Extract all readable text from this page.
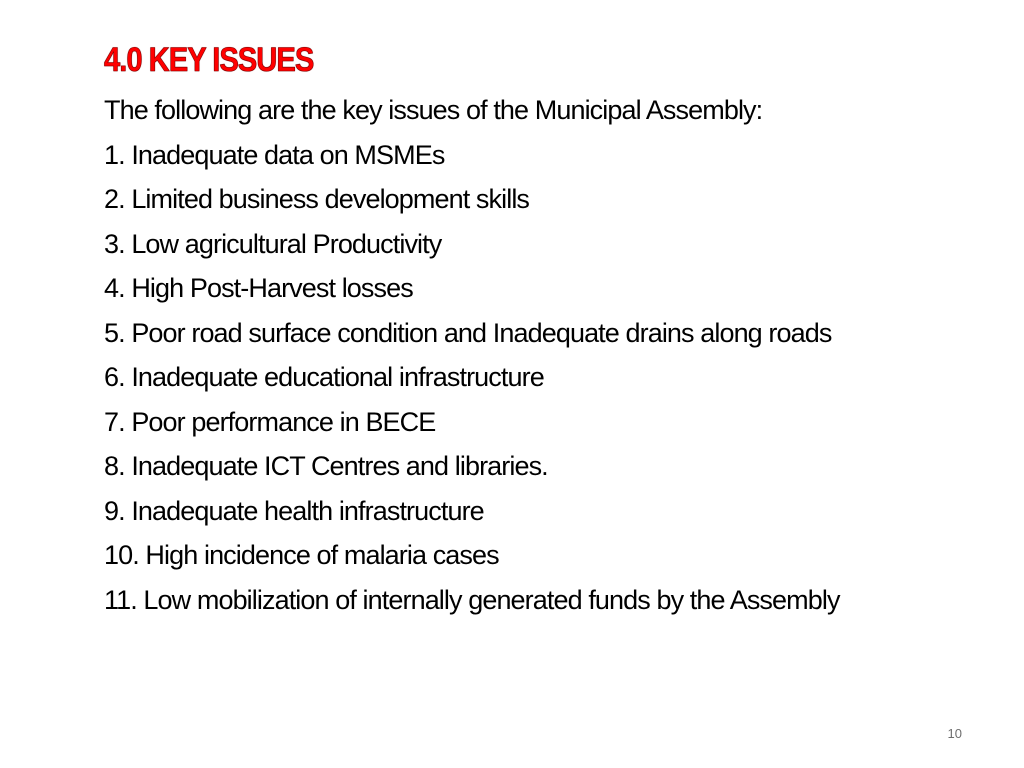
4.0 KEY ISSUES

The following are the key issues of the Municipal Assembly:

1. Inadequate data on MSMEs

2. Limited business development skills

3. Low agricultural Productivity

4. High Post-Harvest losses

5. Poor road surface condition and Inadequate drains along roads

6. Inadequate educational infrastructure

7. Poor performance in BECE

8. Inadequate ICT Centres and libraries.

9. Inadequate health infrastructure

10. High incidence of malaria cases

11. Low mobilization of internally generated funds by the Assembly

10
